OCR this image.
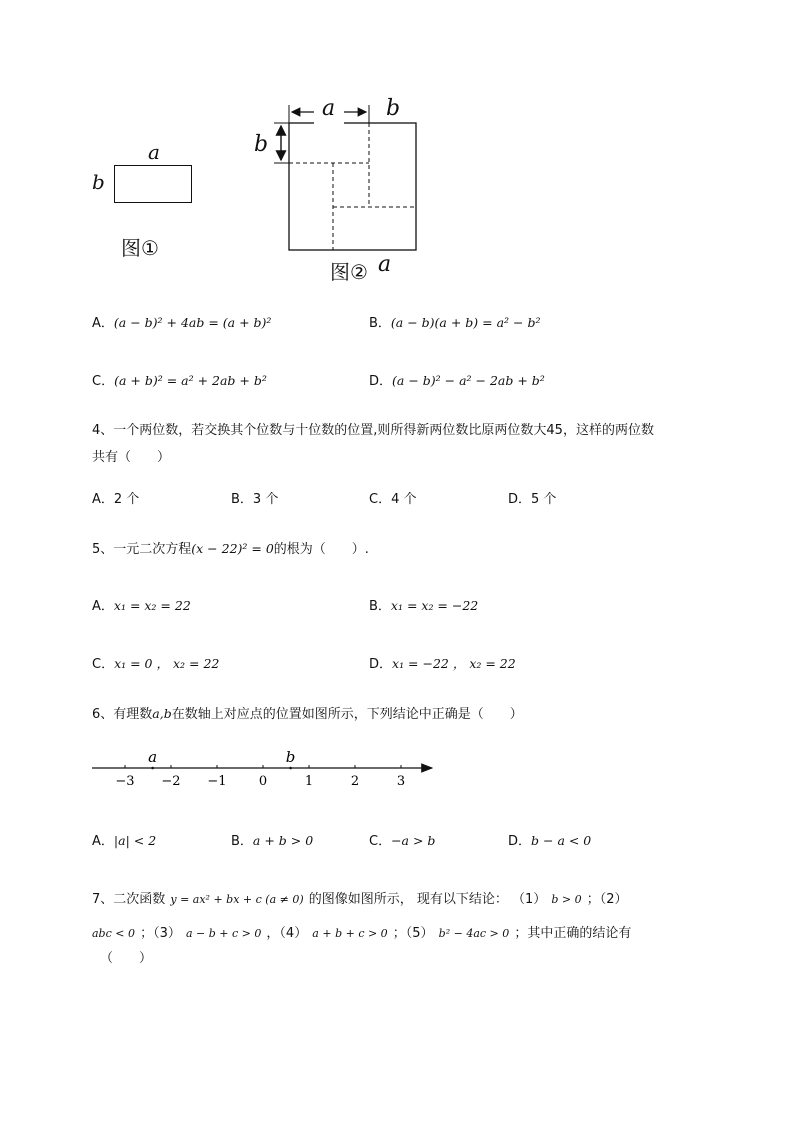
a
b
图①
a b
b
图② a
A．(a − b)² + 4ab = (a + b)²	B．(a − b)(a + b) = a² − b²
C．(a + b)² = a² + 2ab + b²	D．(a − b)² − a² − 2ab + b²
4、一个两位数，若交换其个位数与十位数的位置,则所得新两位数比原两位数大45，这样的两位数
共有（　　）
A．2 个	B．3 个	C．4 个	D．5 个
5、一元二次方程(x − 22)² = 0的根为（　　）.
A．x₁ = x₂ = 22	B．x₁ = x₂ = −22
C．x₁ = 0 ， x₂ = 22	D．x₁ = −22 ， x₂ = 22
6、有理数a,b在数轴上对应点的位置如图所示，下列结论中正确是（　　）
−3 −2 −1 0	1	2	3
a	b
A．|a| < 2	B．a + b > 0	C．−a > b	D．b − a < 0
7、二次函数 y = ax² + bx + c (a ≠ 0) 的图像如图所示， 现有以下结论： （1） b > 0 ；（2）
abc < 0 ；（3） a − b + c > 0 ，（4） a + b + c > 0 ；（5） b² − 4ac > 0 ；其中正确的结论有
（　　）
